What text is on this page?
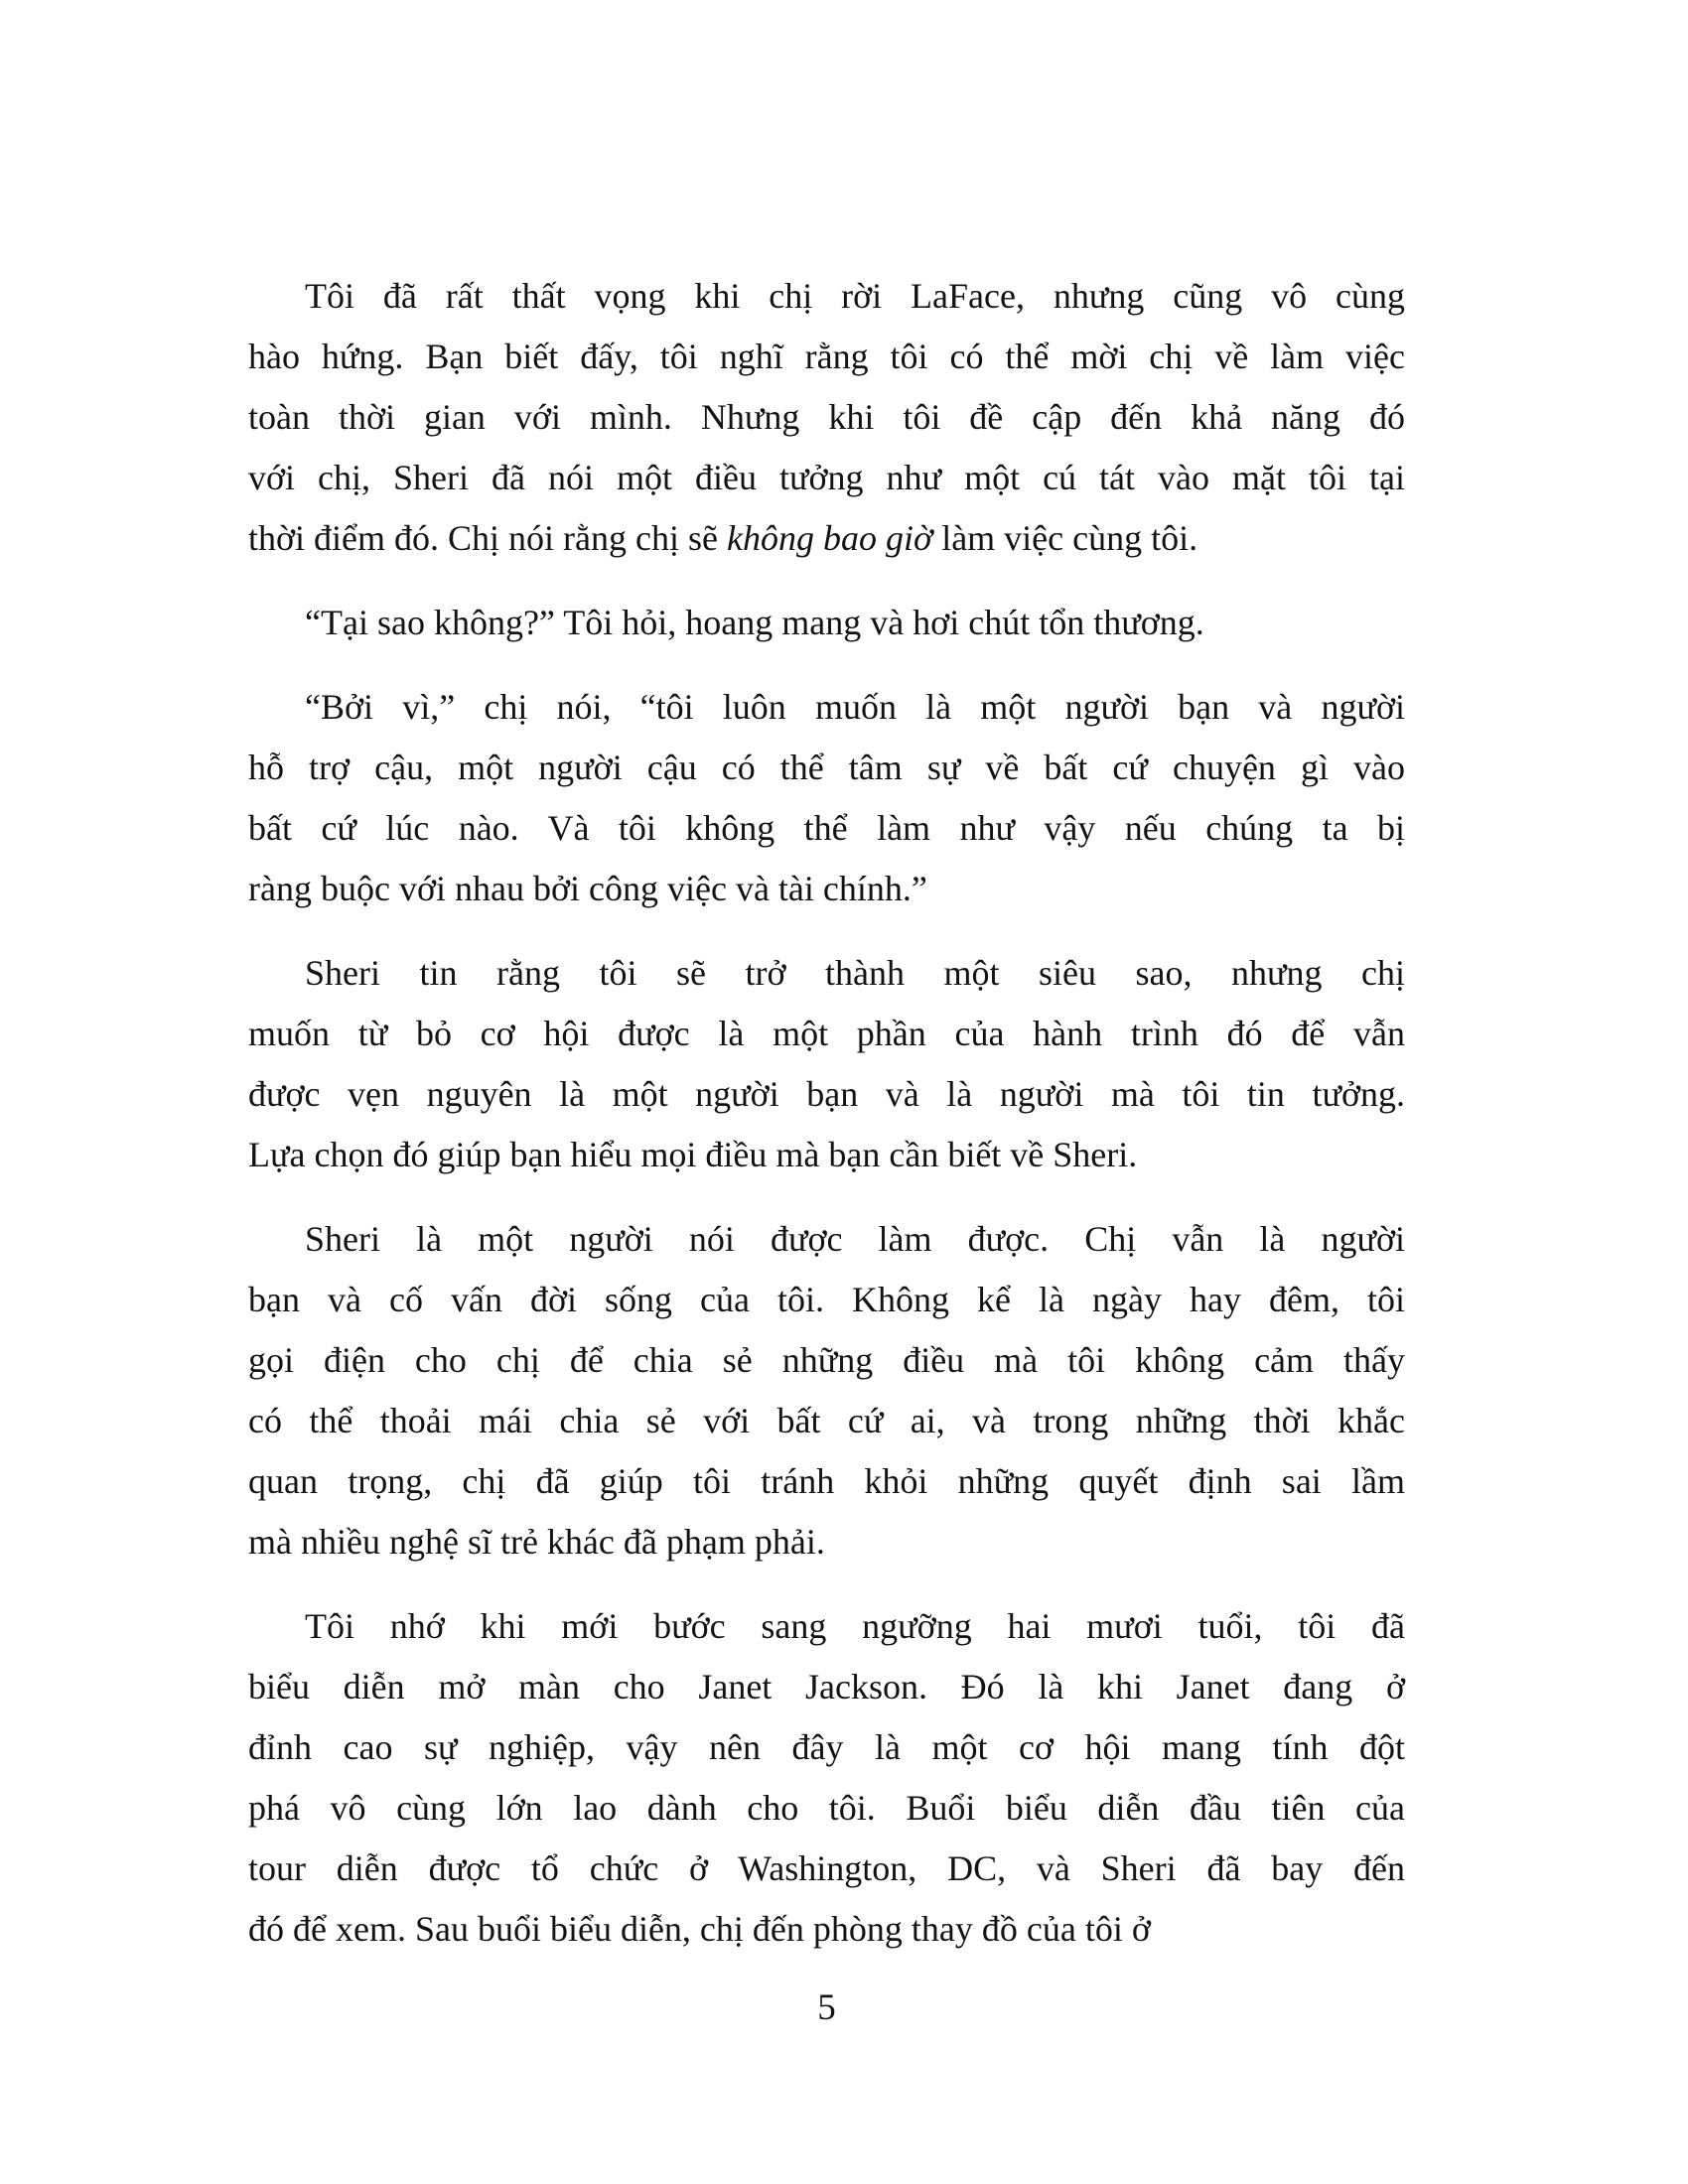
Tôi đã rất thất vọng khi chị rời LaFace, nhưng cũng vô cùng
hào hứng. Bạn biết đấy, tôi nghĩ rằng tôi có thể mời chị về làm việc
toàn thời gian với mình. Nhưng khi tôi đề cập đến khả năng đó
với chị, Sheri đã nói một điều tưởng như một cú tát vào mặt tôi tại
thời điểm đó. Chị nói rằng chị sẽ không bao giờ làm việc cùng tôi.
“Tại sao không?” Tôi hỏi, hoang mang và hơi chút tổn thương.
“Bởi vì,” chị nói, “tôi luôn muốn là một người bạn và người
hỗ trợ cậu, một người cậu có thể tâm sự về bất cứ chuyện gì vào
bất cứ lúc nào. Và tôi không thể làm như vậy nếu chúng ta bị
ràng buộc với nhau bởi công việc và tài chính.”
Sheri tin rằng tôi sẽ trở thành một siêu sao, nhưng chị
muốn từ bỏ cơ hội được là một phần của hành trình đó để vẫn
được vẹn nguyên là một người bạn và là người mà tôi tin tưởng.
Lựa chọn đó giúp bạn hiểu mọi điều mà bạn cần biết về Sheri.
Sheri là một người nói được làm được. Chị vẫn là người
bạn và cố vấn đời sống của tôi. Không kể là ngày hay đêm, tôi
gọi điện cho chị để chia sẻ những điều mà tôi không cảm thấy
có thể thoải mái chia sẻ với bất cứ ai, và trong những thời khắc
quan trọng, chị đã giúp tôi tránh khỏi những quyết định sai lầm
mà nhiều nghệ sĩ trẻ khác đã phạm phải.
Tôi nhớ khi mới bước sang ngưỡng hai mươi tuổi, tôi đã
biểu diễn mở màn cho Janet Jackson. Đó là khi Janet đang ở
đỉnh cao sự nghiệp, vậy nên đây là một cơ hội mang tính đột
phá vô cùng lớn lao dành cho tôi. Buổi biểu diễn đầu tiên của
tour diễn được tổ chức ở Washington, DC, và Sheri đã bay đến
đó để xem. Sau buổi biểu diễn, chị đến phòng thay đồ của tôi ở
5
